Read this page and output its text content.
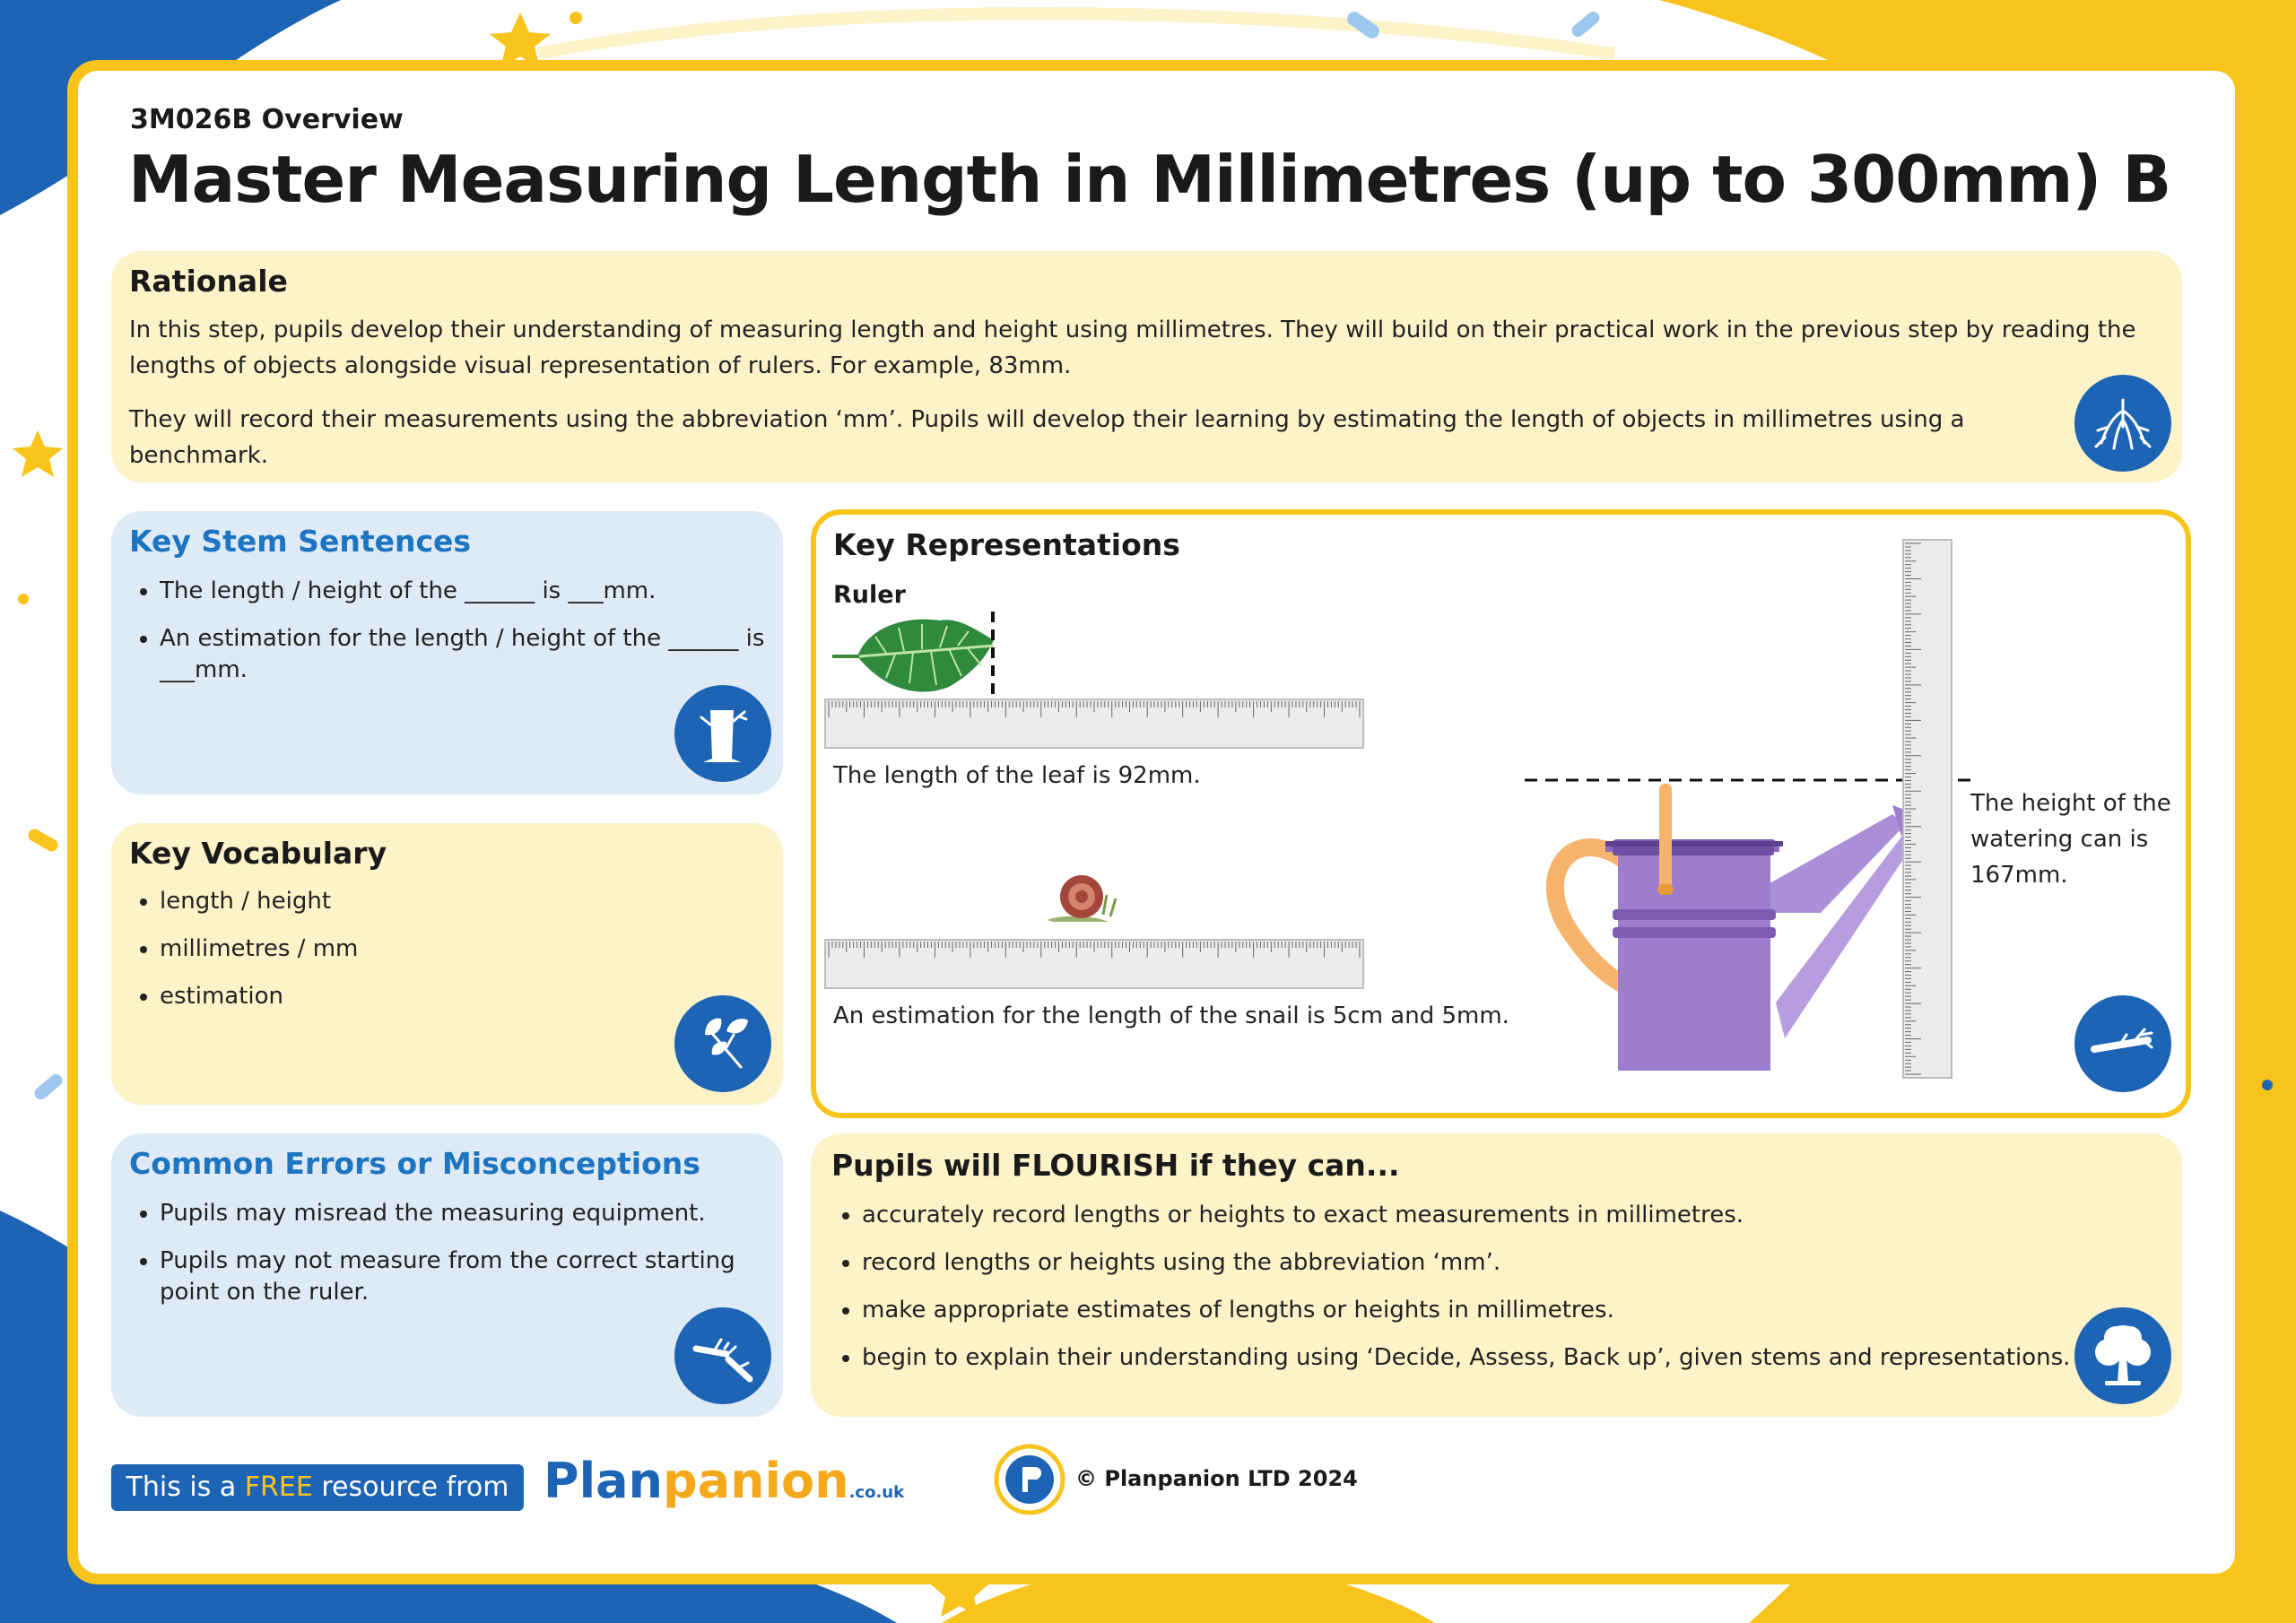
3M026B Overview
Master Measuring Length in Millimetres (up to 300mm) B
Rationale
In this step, pupils develop their understanding of measuring length and height using millimetres. They will build on their practical work in the previous step by reading the lengths of objects alongside visual representation of rulers. For example, 83mm.
They will record their measurements using the abbreviation ‘mm’. Pupils will develop their learning by estimating the length of objects in millimetres using a benchmark.
Key Stem Sentences
• The length / height of the ______ is ___mm.
• An estimation for the length / height of the ______ is ___mm.
Key Vocabulary
• length / height
• millimetres / mm
• estimation
Common Errors or Misconceptions
• Pupils may misread the measuring equipment.
• Pupils may not measure from the correct starting point on the ruler.
Key Representations
Ruler
The length of the leaf is 92mm.
An estimation for the length of the snail is 5cm and 5mm.
The height of the watering can is 167mm.
Pupils will FLOURISH if they can...
• accurately record lengths or heights to exact measurements in millimetres.
• record lengths or heights using the abbreviation ‘mm’.
• make appropriate estimates of lengths or heights in millimetres.
• begin to explain their understanding using ‘Decide, Assess, Back up’, given stems and representations.
This is a FREE resource from Planpanion.co.uk
© Planpanion LTD 2024
